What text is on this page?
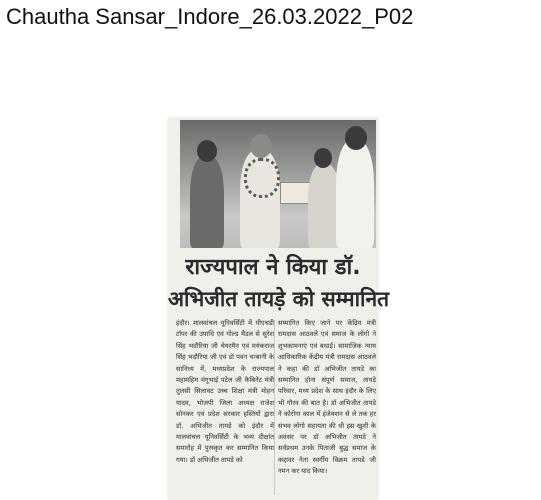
Chautha Sansar_Indore_26.03.2022_P02
राज्यपाल ने किया डॉ.
अभिजीत तायड़े को सम्मानित

इंदौर। मालवांचल यूनिवर्सिटी में पीएचडी टॉपर की उपाधि एवं गोल्ड मैडल से सुरेश सिंह भदौरिया जी चेयरमैन एवं मयंकराज सिंह भदौरिया जी एवं डॉ पवन चन्बानी के सानिध्य में, मध्यप्रदेश के राज्यपाल महामहिम मंगूभाई पटेल जी कैबिनेट मंत्री तुलसी सिलावट उच्च शिक्षा मंत्री मोहन यादव, भोजपी जिला अध्यक्ष राजेश सोनकर एवं प्रदेश सरकार हस्तियों द्वारा डॉ. अभिजीत तायडे को इंदौर में मालवांचल यूनिवर्सिटी के भव्य दीक्षांत समारोह में पुरस्कृत कर सम्मानित किया गया। डॉ अभिजीत तायडे को

सम्मानित किए जाने पर केंद्रिय मंत्री रामदास आठवले एवं समाज के लोगो ने शुभकामनाएं एवं बधाई। सामाजिक न्याय आधिकारिक केंद्रीय मंत्री रामदास आठवले ने कहा की डॉ अभिजीत तायडे का सम्मानित होना संपूर्ण समाज, तायड़े परिवार, मध्य प्रदेश के साथ इंदौर के लिए भी गौरव की बात है। डॉ अभिजीत तायडे ने कोरोना काल में इंजेक्शन से ले तक हर संभव लोगो सहायता की थी इस खुशी के अवसर पर डॉ अभिजीत तायडे ने सर्वप्रथम उनके पिताजी बुद्ध समाज के कद्दावर नेता स्वर्गीय विक्रम तायडे जी नमन कर याद किया।
